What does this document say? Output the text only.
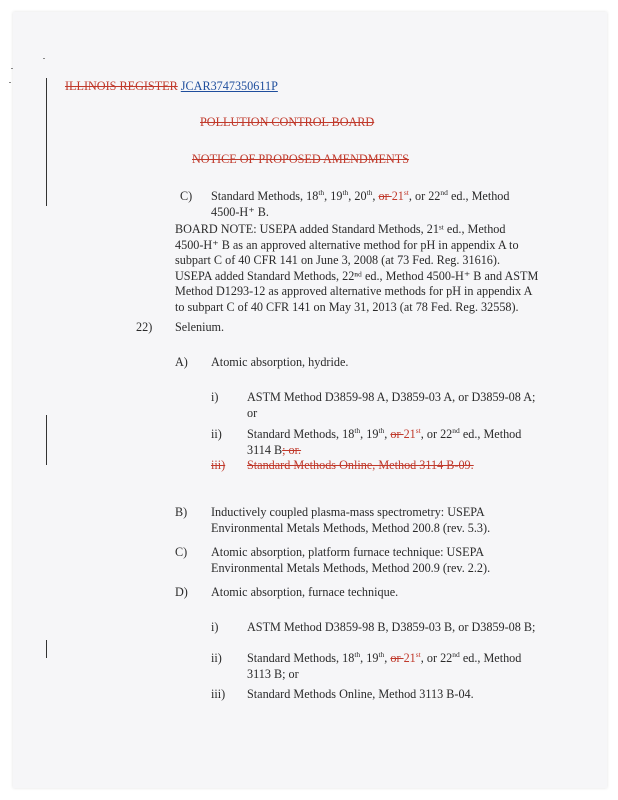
ILLINOIS REGISTER JCAR3747350611P
POLLUTION CONTROL BOARD
NOTICE OF PROPOSED AMENDMENTS
C) Standard Methods, 18th, 19th, 20th, or 21st, or 22nd ed., Method
4500-H⁺ B.
BOARD NOTE: USEPA added Standard Methods, 21ˢᵗ ed., Method
4500-H⁺ B as an approved alternative method for pH in appendix A to
subpart C of 40 CFR 141 on June 3, 2008 (at 73 Fed. Reg. 31616).
USEPA added Standard Methods, 22ⁿᵈ ed., Method 4500-H⁺ B and ASTM
Method D1293-12 as approved alternative methods for pH in appendix A
to subpart C of 40 CFR 141 on May 31, 2013 (at 78 Fed. Reg. 32558).
22) Selenium.
A) Atomic absorption, hydride.
i) ASTM Method D3859-98 A, D3859-03 A, or D3859-08 A;
or
ii) Standard Methods, 18th, 19th, or 21st, or 22nd ed., Method
3114 B; or.
iii) Standard Methods Online, Method 3114 B-09.
B) Inductively coupled plasma-mass spectrometry: USEPA
Environmental Metals Methods, Method 200.8 (rev. 5.3).
C) Atomic absorption, platform furnace technique: USEPA
Environmental Metals Methods, Method 200.9 (rev. 2.2).
D) Atomic absorption, furnace technique.
i) ASTM Method D3859-98 B, D3859-03 B, or D3859-08 B;
ii) Standard Methods, 18th, 19th, or 21st, or 22nd ed., Method
3113 B; or
iii) Standard Methods Online, Method 3113 B-04.
